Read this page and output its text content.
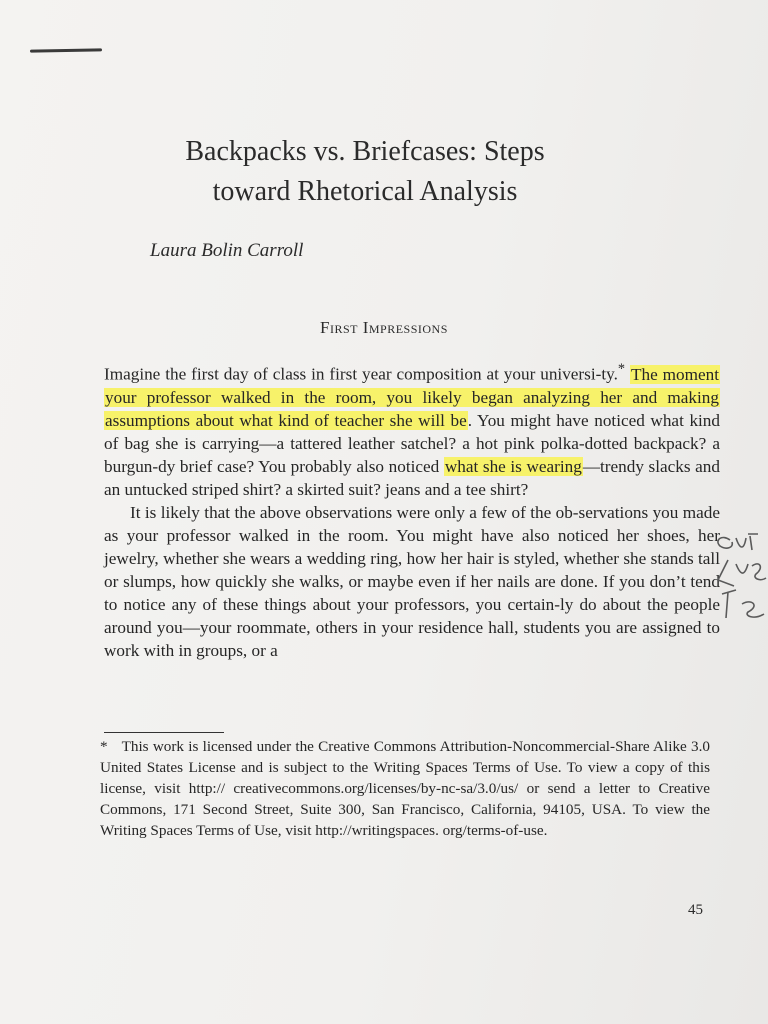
Backpacks vs. Briefcases: Steps
toward Rhetorical Analysis
Laura Bolin Carroll
First Impressions

Imagine the first day of class in first year composition at your universi-ty.* The moment your professor walked in the room, you likely began analyzing her and making assumptions about what kind of teacher she will be. You might have noticed what kind of bag she is carrying—a tattered leather satchel? a hot pink polka-dotted backpack? a burgun-dy brief case? You probably also noticed what she is wearing—trendy slacks and an untucked striped shirt? a skirted suit? jeans and a tee shirt?

It is likely that the above observations were only a few of the ob-servations you made as your professor walked in the room. You might have also noticed her shoes, her jewelry, whether she wears a wedding ring, how her hair is styled, whether she stands tall or slumps, how quickly she walks, or maybe even if her nails are done. If you don’t tend to notice any of these things about your professors, you certain-ly do about the people around you—your roommate, others in your residence hall, students you are assigned to work with in groups, or a

* This work is licensed under the Creative Commons Attribution-Noncommercial-Share Alike 3.0 United States License and is subject to the Writing Spaces Terms of Use. To view a copy of this license, visit http:// creativecommons.org/licenses/by-nc-sa/3.0/us/ or send a letter to Creative Commons, 171 Second Street, Suite 300, San Francisco, California, 94105, USA. To view the Writing Spaces Terms of Use, visit http://writingspaces. org/terms-of-use.
45
